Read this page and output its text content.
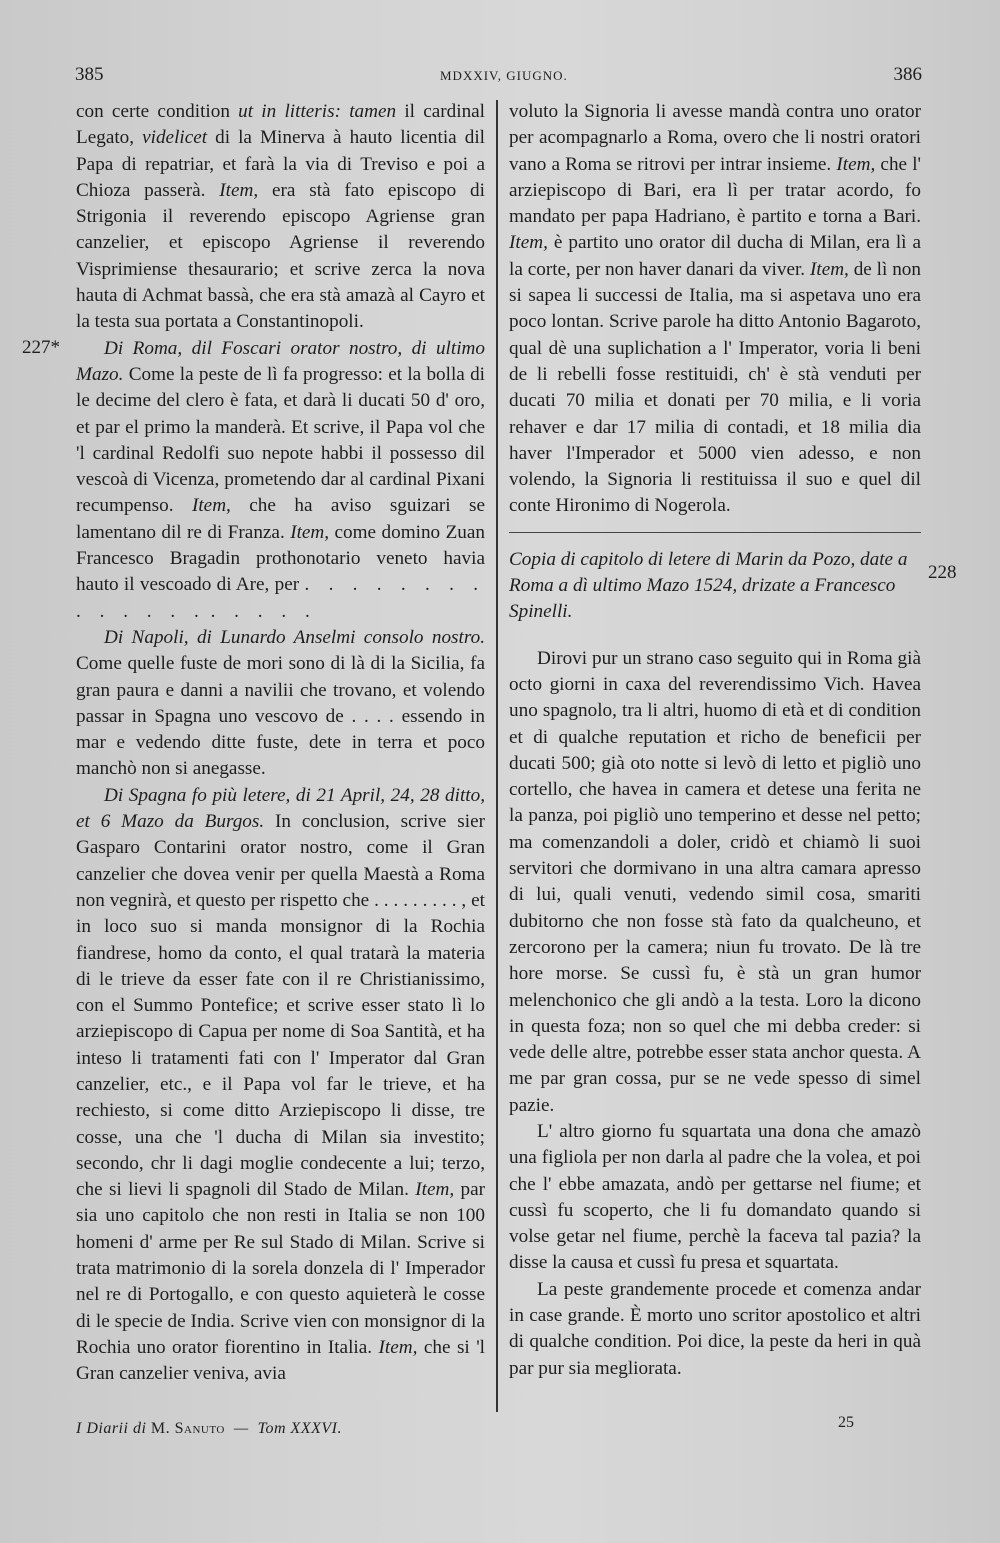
385	MDXXIV, GIUGNO.	386
227*
228

con certe condition ut in litteris: tamen il cardinal Legato, videlicet di la Minerva à hauto licentia dil Papa di repatriar, et farà la via di Treviso e poi a Chioza passerà. Item, era stà fato episcopo di Strigonia il reverendo episcopo Agriense gran canzelier, et episcopo Agriense il reverendo Visprimiense thesaurario; et scrive zerca la nova hauta di Achmat bassà, che era stà amazà al Cayro et la testa sua portata a Constantinopoli.

Di Roma, dil Foscari orator nostro, di ultimo Mazo. Come la peste de lì fa progresso: et la bolla di le decime del clero è fata, et darà li ducati 50 d' oro, et par el primo la manderà. Et scrive, il Papa vol che 'l cardinal Redolfi suo nepote habbi il possesso dil vescoà di Vicenza, prometendo dar al cardinal Pixani recumpenso. Item, che ha aviso sguizari se lamentano dil re di Franza. Item, come domino Zuan Francesco Bragadin prothonotario veneto havia hauto il vescoado di Are, per . . . . . . . . . . . . . . . . . . .

Di Napoli, di Lunardo Anselmi consolo nostro. Come quelle fuste de mori sono di là di la Sicilia, fa gran paura e danni a navilii che trovano, et volendo passar in Spagna uno vescovo de . . . . essendo in mar e vedendo ditte fuste, dete in terra et poco manchò non si anegasse.

Di Spagna fo più letere, di 21 April, 24, 28 ditto, et 6 Mazo da Burgos. In conclusion, scrive sier Gasparo Contarini orator nostro, come il Gran canzelier che dovea venir per quella Maestà a Roma non vegnirà, et questo per rispetto che . . . . . . . . . , et in loco suo si manda monsignor di la Rochia fiandrese, homo da conto, el qual tratarà la materia di le trieve da esser fate con il re Christianissimo, con el Summo Pontefice; et scrive esser stato lì lo arziepiscopo di Capua per nome di Soa Santità, et ha inteso li tratamenti fati con l' Imperator dal Gran canzelier, etc., e il Papa vol far le trieve, et ha rechiesto, si come ditto Arziepiscopo li disse, tre cosse, una che 'l ducha di Milan sia investito; secondo, chr li dagi moglie condecente a lui; terzo, che si lievi li spagnoli dil Stado de Milan. Item, par sia uno capitolo che non resti in Italia se non 100 homeni d' arme per Re sul Stado di Milan. Scrive si trata matrimonio di la sorela donzela di l' Imperador nel re di Portogallo, e con questo aquieterà le cosse di le specie de India. Scrive vien con monsignor di la Rochia uno orator fiorentino in Italia. Item, che si 'l Gran canzelier veniva, avia

voluto la Signoria li avesse mandà contra uno orator per acompagnarlo a Roma, overo che li nostri oratori vano a Roma se ritrovi per intrar insieme. Item, che l' arziepiscopo di Bari, era lì per tratar acordo, fo mandato per papa Hadriano, è partito e torna a Bari. Item, è partito uno orator dil ducha di Milan, era lì a la corte, per non haver danari da viver. Item, de lì non si sapea li successi de Italia, ma si aspetava uno era poco lontan. Scrive parole ha ditto Antonio Bagaroto, qual dè una suplichation a l' Imperator, voria li beni de li rebelli fosse restituidi, ch' è stà venduti per ducati 70 milia et donati per 70 milia, e li voria rehaver e dar 17 milia di contadi, et 18 milia dia haver l'Imperador et 5000 vien adesso, e non volendo, la Signoria li restituissa il suo e quel dil conte Hironimo di Nogerola.

Copia di capitolo di letere di Marin da Pozo, date a Roma a dì ultimo Mazo 1524, drizate a Francesco Spinelli.

Dirovi pur un strano caso seguito qui in Roma già octo giorni in caxa del reverendissimo Vich. Havea uno spagnolo, tra li altri, huomo di età et di condition et di qualche reputation et richo de beneficii per ducati 500; già oto notte si levò di letto et pigliò uno cortello, che havea in camera et detese una ferita ne la panza, poi pigliò uno temperino et desse nel petto; ma comenzandoli a doler, cridò et chiamò li suoi servitori che dormivano in una altra camara apresso di lui, quali venuti, vedendo simil cosa, smariti dubitorno che non fosse stà fato da qualcheuno, et zercorono per la camera; niun fu trovato. De là tre hore morse. Se cussì fu, è stà un gran humor melenchonico che gli andò a la testa. Loro la dicono in questa foza; non so quel che mi debba creder: si vede delle altre, potrebbe esser stata anchor questa. A me par gran cossa, pur se ne vede spesso di simel pazie.

L' altro giorno fu squartata una dona che amazò una figliola per non darla al padre che la volea, et poi che l' ebbe amazata, andò per gettarse nel fiume; et cussì fu scoperto, che li fu domandato quando si volse getar nel fiume, perchè la faceva tal pazia? la disse la causa et cussì fu presa et squartata.

La peste grandemente procede et comenza andar in case grande. È morto uno scritor apostolico et altri di qualche condition. Poi dice, la peste da heri in quà par pur sia megliorata.

I Diarii di M. Sanuto — Tom XXXVI.	25
